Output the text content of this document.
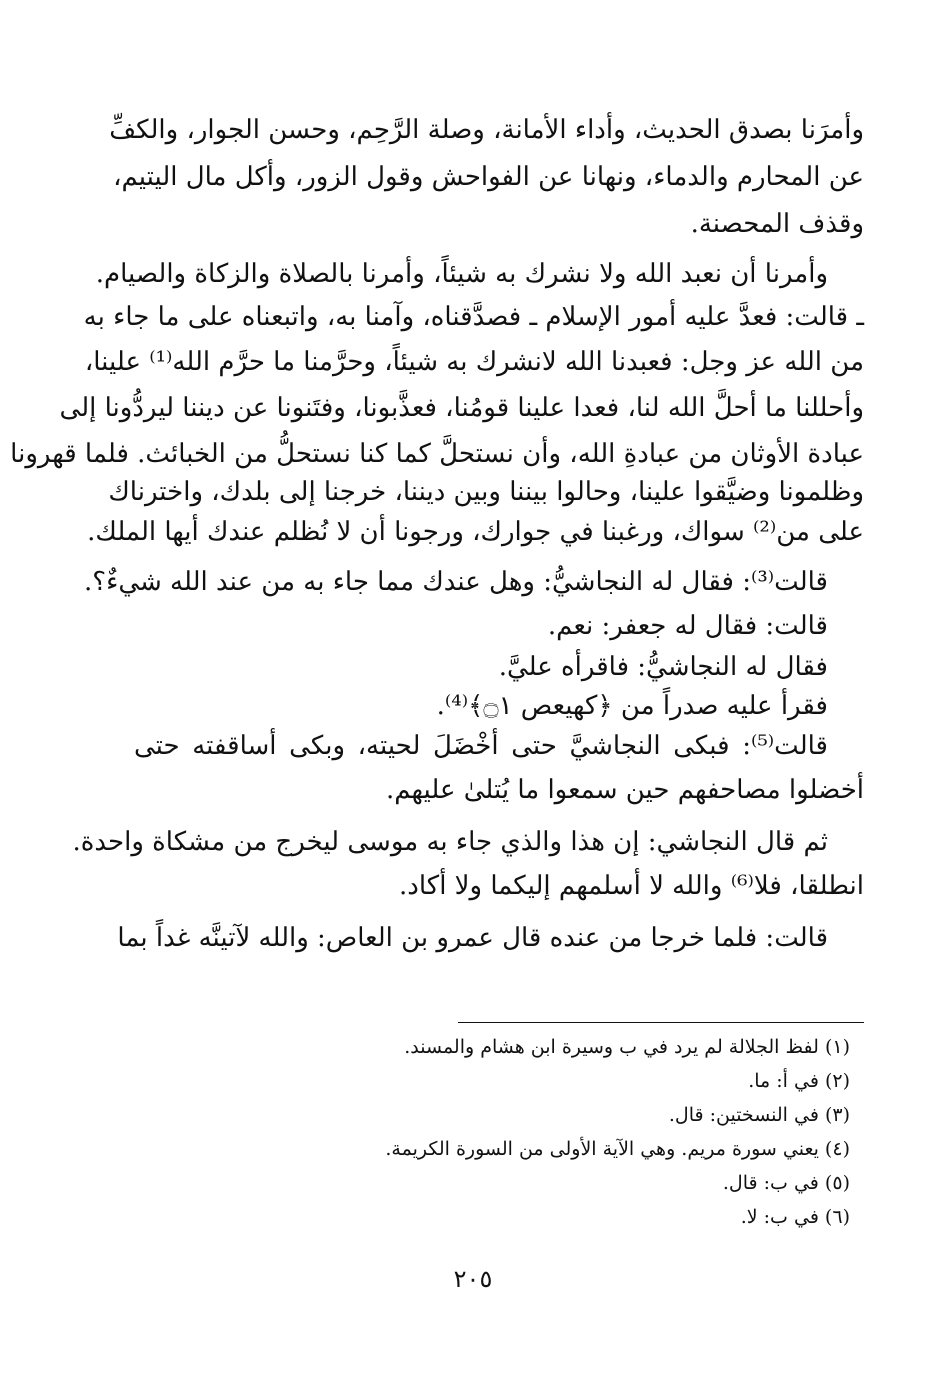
وأمرَنا بصدق الحديث، وأداء الأمانة، وصلة الرَّحِم، وحسن الجوار، والكفِّ
عن المحارم والدماء، ونهانا عن الفواحش وقول الزور، وأكل مال اليتيم،
وقذف المحصنة.
وأمرنا أن نعبد الله ولا نشرك به شيئاً، وأمرنا بالصلاة والزكاة والصيام.
ـ قالت: فعدَّ عليه أمور الإسلام ـ فصدَّقناه، وآمنا به، واتبعناه على ما جاء به
من الله عز وجل: فعبدنا الله لانشرك به شيئاً، وحرَّمنا ما حرَّم الله⁽¹⁾ علينا،
وأحللنا ما أحلَّ الله لنا، فعدا علينا قومُنا، فعذَّبونا، وفتَنونا عن ديننا ليردُّونا إلى
عبادة الأوثان من عبادةِ الله، وأن نستحلَّ كما كنا نستحلُّ من الخبائث. فلما قهرونا
وظلمونا وضيَّقوا علينا، وحالوا بيننا وبين ديننا، خرجنا إلى بلدك، واخترناك
على من⁽²⁾ سواك، ورغبنا في جوارك، ورجونا أن لا نُظلم عندك أيها الملك.
قالت⁽³⁾: فقال له النجاشيُّ: وهل عندك مما جاء به من عند الله شيءٌ؟.
قالت: فقال له جعفر: نعم.
فقال له النجاشيُّ: فاقرأه عليَّ.
فقرأ عليه صدراً من ﴿كهيعص ۝١﴾⁽⁴⁾.
قالت⁽⁵⁾: فبكى النجاشيَّ حتى أخْضَلَ لحيته، وبكى أساقفته حتى
أخضلوا مصاحفهم حين سمعوا ما يُتلىٰ عليهم.
ثم قال النجاشي: إن هذا والذي جاء به موسى ليخرج من مشكاة واحدة.
انطلقا، فلا⁽⁶⁾ والله لا أسلمهم إليكما ولا أكاد.
قالت: فلما خرجا من عنده قال عمرو بن العاص: والله لآتينَّه غداً بما
(١) لفظ الجلالة لم يرد في ب وسيرة ابن هشام والمسند.
(٢) في أ: ما.
(٣) في النسختين: قال.
(٤) يعني سورة مريم. وهي الآية الأولى من السورة الكريمة.
(٥) في ب: قال.
(٦) في ب: لا.
٢٠٥
